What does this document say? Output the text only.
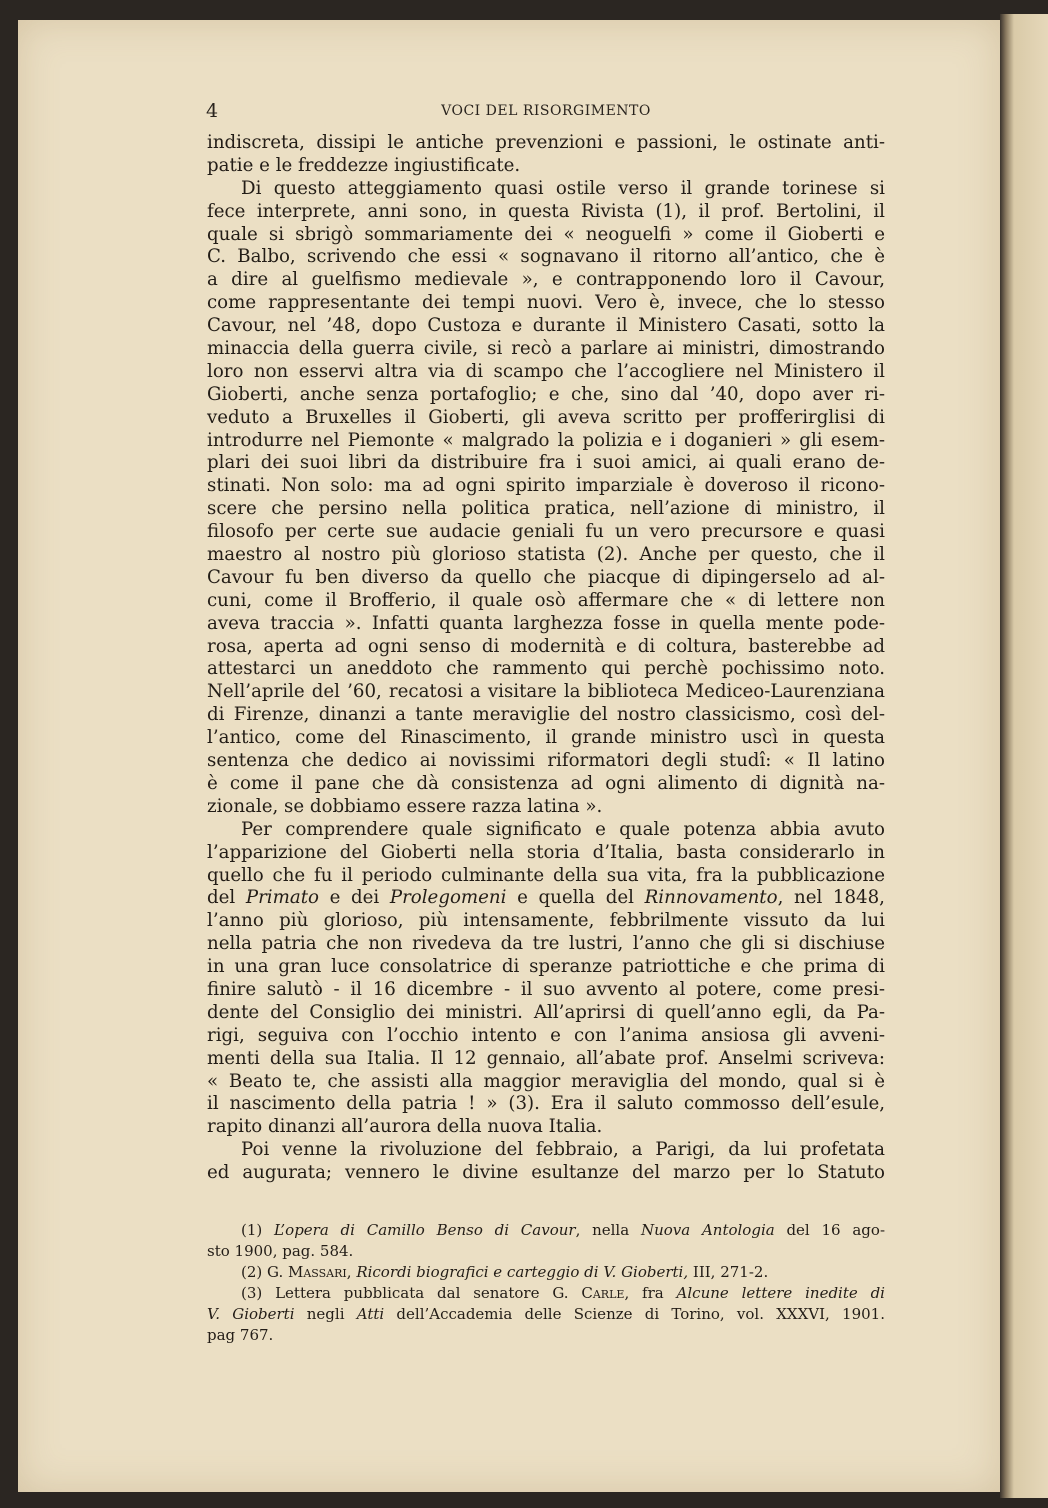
4	VOCI DEL RISORGIMENTO
indiscreta, dissipi le antiche prevenzioni e passioni, le ostinate anti-
patie e le freddezze ingiustificate.
Di questo atteggiamento quasi ostile verso il grande torinese si
fece interprete, anni sono, in questa Rivista (1), il prof. Bertolini, il
quale si sbrigò sommariamente dei « neoguelfi » come il Gioberti e
C. Balbo, scrivendo che essi « sognavano il ritorno all’antico, che è
a dire al guelfismo medievale », e contrapponendo loro il Cavour,
come rappresentante dei tempi nuovi. Vero è, invece, che lo stesso
Cavour, nel ’48, dopo Custoza e durante il Ministero Casati, sotto la
minaccia della guerra civile, si recò a parlare ai ministri, dimostrando
loro non esservi altra via di scampo che l’accogliere nel Ministero il
Gioberti, anche senza portafoglio; e che, sino dal ’40, dopo aver ri-
veduto a Bruxelles il Gioberti, gli aveva scritto per profferirglisi di
introdurre nel Piemonte « malgrado la polizia e i doganieri » gli esem-
plari dei suoi libri da distribuire fra i suoi amici, ai quali erano de-
stinati. Non solo: ma ad ogni spirito imparziale è doveroso il ricono-
scere che persino nella politica pratica, nell’azione di ministro, il
filosofo per certe sue audacie geniali fu un vero precursore e quasi
maestro al nostro più glorioso statista (2). Anche per questo, che il
Cavour fu ben diverso da quello che piacque di dipingerselo ad al-
cuni, come il Brofferio, il quale osò affermare che « di lettere non
aveva traccia ». Infatti quanta larghezza fosse in quella mente pode-
rosa, aperta ad ogni senso di modernità e di coltura, basterebbe ad
attestarci un aneddoto che rammento qui perchè pochissimo noto.
Nell’aprile del ’60, recatosi a visitare la biblioteca Mediceo-Laurenziana
di Firenze, dinanzi a tante meraviglie del nostro classicismo, così del-
l’antico, come del Rinascimento, il grande ministro uscì in questa
sentenza che dedico ai novissimi riformatori degli studî: « Il latino
è come il pane che dà consistenza ad ogni alimento di dignità na-
zionale, se dobbiamo essere razza latina ».
Per comprendere quale significato e quale potenza abbia avuto
l’apparizione del Gioberti nella storia d’Italia, basta considerarlo in
quello che fu il periodo culminante della sua vita, fra la pubblicazione
del Primato e dei Prolegomeni e quella del Rinnovamento, nel 1848,
l’anno più glorioso, più intensamente, febbrilmente vissuto da lui
nella patria che non rivedeva da tre lustri, l’anno che gli si dischiuse
in una gran luce consolatrice di speranze patriottiche e che prima di
finire salutò - il 16 dicembre - il suo avvento al potere, come presi-
dente del Consiglio dei ministri. All’aprirsi di quell’anno egli, da Pa-
rigi, seguiva con l’occhio intento e con l’anima ansiosa gli avveni-
menti della sua Italia. Il 12 gennaio, all’abate prof. Anselmi scriveva:
« Beato te, che assisti alla maggior meraviglia del mondo, qual si è
il nascimento della patria ! » (3). Era il saluto commosso dell’esule,
rapito dinanzi all’aurora della nuova Italia.
Poi venne la rivoluzione del febbraio, a Parigi, da lui profetata
ed augurata; vennero le divine esultanze del marzo per lo Statuto
(1) L’opera di Camillo Benso di Cavour, nella Nuova Antologia del 16 ago-
sto 1900, pag. 584.
(2) G. Massari, Ricordi biografici e carteggio di V. Gioberti, III, 271-2.
(3) Lettera pubblicata dal senatore G. Carle, fra Alcune lettere inedite di
V. Gioberti negli Atti dell’Accademia delle Scienze di Torino, vol. XXXVI, 1901.
pag 767.
